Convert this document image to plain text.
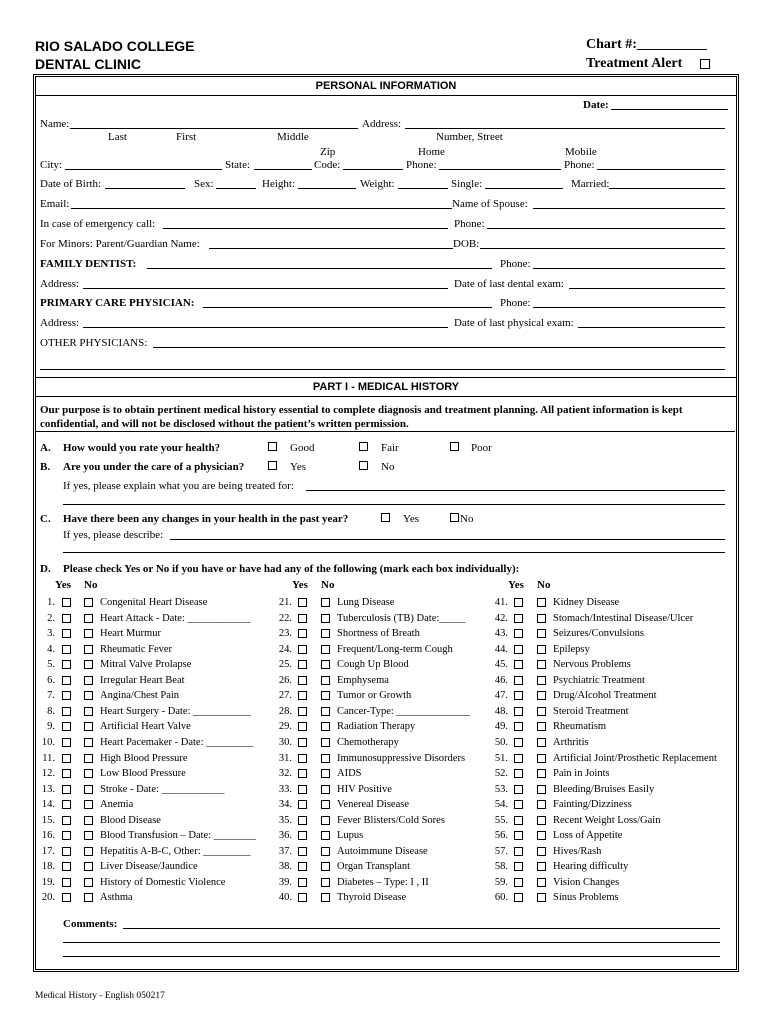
RIO SALADO COLLEGE
DENTAL CLINIC
Chart #:__________
Treatment Alert
PERSONAL INFORMATION
Date:
Name:	Address:
Last	First	Middle	Number, Street
Zip	Home	Mobile
City:	State:	Code:	Phone:	Phone:
Date of Birth:	Sex:	Height:	Weight:	Single:	Married:
Email:	Name of Spouse:
In case of emergency call:	Phone:
For Minors: Parent/Guardian Name:	DOB:
FAMILY DENTIST:	Phone:
Address:	Date of last dental exam:
PRIMARY CARE PHYSICIAN:	Phone:
Address:	Date of last physical exam:
OTHER PHYSICIANS:
PART I - MEDICAL HISTORY
Our purpose is to obtain pertinent medical history essential to complete diagnosis and treatment planning. All patient information is kept
confidential, and will not be disclosed without the patient’s written permission.
A. How would you rate your health?	Good	Fair	Poor
B. Are you under the care of a physician?	Yes	No
If yes, please explain what you are being treated for:
C. Have there been any changes in your health in the past year?	Yes	No
If yes, please describe:
D. Please check Yes or No if you have or have had any of the following (mark each box individually):
Yes No	Yes No	Yes No
1.	Congenital Heart Disease
2.	Heart Attack - Date: ____________
3.	Heart Murmur
4.	Rheumatic Fever
5.	Mitral Valve Prolapse
6.	Irregular Heart Beat
7.	Angina/Chest Pain
8.	Heart Surgery - Date: ___________
9.	Artificial Heart Valve
10.	Heart Pacemaker - Date: _________
11.	High Blood Pressure
12.	Low Blood Pressure
13.	Stroke - Date: ____________
14.	Anemia
15.	Blood Disease
16.	Blood Transfusion – Date: ________
17.	Hepatitis A-B-C, Other: _________
18.	Liver Disease/Jaundice
19.	History of Domestic Violence
20.	Asthma
21.	Lung Disease
22.	Tuberculosis (TB) Date:_____
23.	Shortness of Breath
24.	Frequent/Long-term Cough
25.	Cough Up Blood
26.	Emphysema
27.	Tumor or Growth
28.	Cancer-Type: ______________
29.	Radiation Therapy
30.	Chemotherapy
31.	Immunosuppressive Disorders
32.	AIDS
33.	HIV Positive
34.	Venereal Disease
35.	Fever Blisters/Cold Sores
36.	Lupus
37.	Autoimmune Disease
38.	Organ Transplant
39.	Diabetes – Type: I , II
40.	Thyroid Disease
41.	Kidney Disease
42.	Stomach/Intestinal Disease/Ulcer
43.	Seizures/Convulsions
44.	Epilepsy
45.	Nervous Problems
46.	Psychiatric Treatment
47.	Drug/Alcohol Treatment
48.	Steroid Treatment
49.	Rheumatism
50.	Arthritis
51.	Artificial Joint/Prosthetic Replacement
52.	Pain in Joints
53.	Bleeding/Bruises Easily
54.	Fainting/Dizziness
55.	Recent Weight Loss/Gain
56.	Loss of Appetite
57.	Hives/Rash
58.	Hearing difficulty
59.	Vision Changes
60.	Sinus Problems
Comments:
Medical History - English 050217
